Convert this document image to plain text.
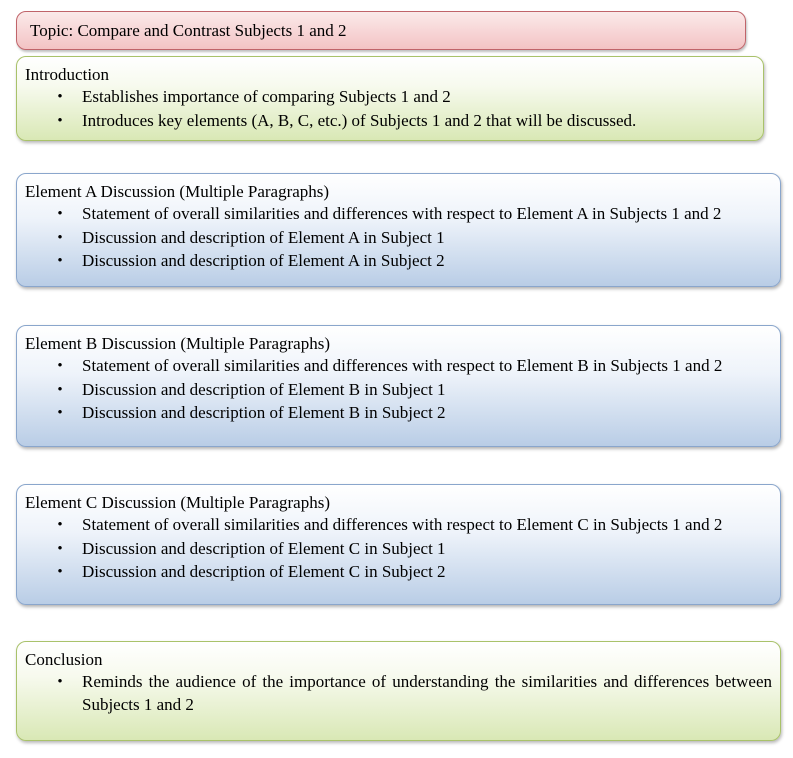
Topic: Compare and Contrast Subjects 1 and 2
Introduction
• Establishes importance of comparing Subjects 1 and 2
• Introduces key elements (A, B, C, etc.) of Subjects 1 and 2 that will be discussed.
Element A Discussion (Multiple Paragraphs)
• Statement of overall similarities and differences with respect to Element A in Subjects 1 and 2
• Discussion and description of Element A in Subject 1
• Discussion and description of Element A in Subject 2
Element B Discussion (Multiple Paragraphs)
• Statement of overall similarities and differences with respect to Element B in Subjects 1 and 2
• Discussion and description of Element B in Subject 1
• Discussion and description of Element B in Subject 2
Element C Discussion (Multiple Paragraphs)
• Statement of overall similarities and differences with respect to Element C in Subjects 1 and 2
• Discussion and description of Element C in Subject 1
• Discussion and description of Element C in Subject 2
Conclusion
• Reminds the audience of the importance of understanding the similarities and differences between Subjects 1 and 2
